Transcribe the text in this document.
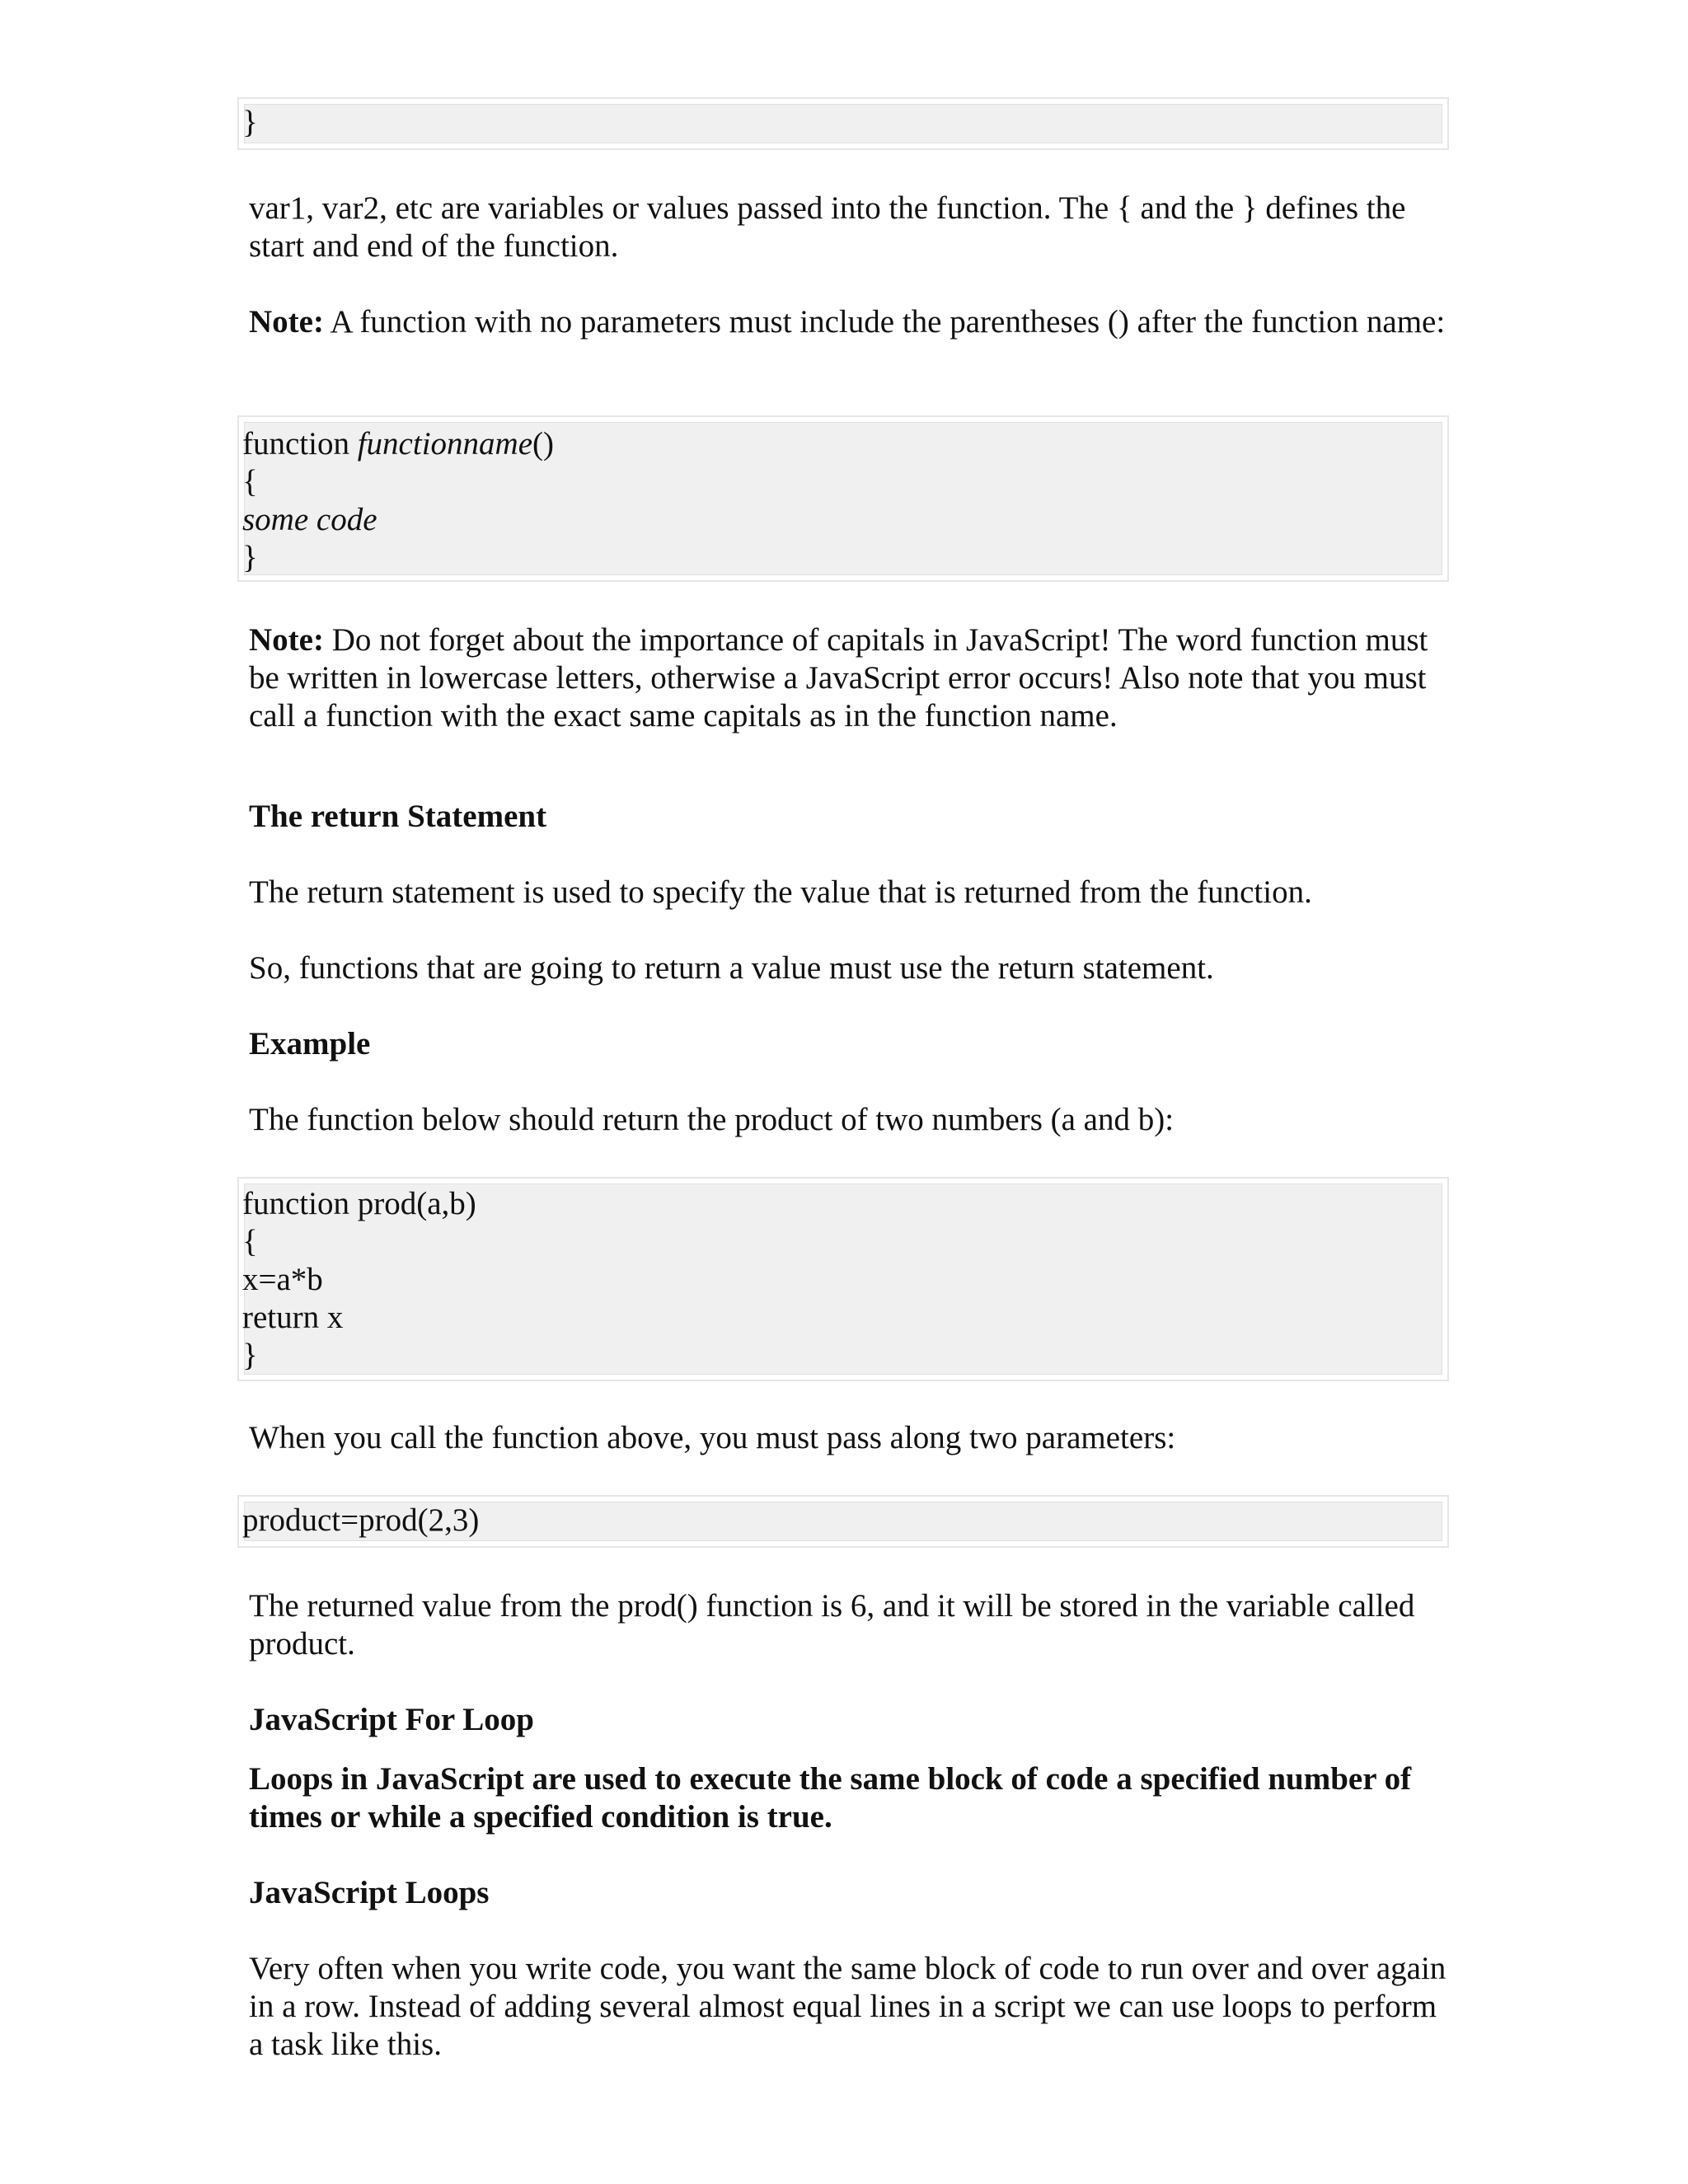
}

var1, var2, etc are variables or values passed into the function. The { and the } defines the start and end of the function.

Note: A function with no parameters must include the parentheses () after the function name:

function functionname()

{

some code

}

Note: Do not forget about the importance of capitals in JavaScript! The word function must be written in lowercase letters, otherwise a JavaScript error occurs! Also note that you must call a function with the exact same capitals as in the function name.

The return Statement

The return statement is used to specify the value that is returned from the function.

So, functions that are going to return a value must use the return statement.

Example

The function below should return the product of two numbers (a and b):

function prod(a,b)

{

x=a*b

return x

}

When you call the function above, you must pass along two parameters:

product=prod(2,3)

The returned value from the prod() function is 6, and it will be stored in the variable called product.

JavaScript For Loop

Loops in JavaScript are used to execute the same block of code a specified number of times or while a specified condition is true.

JavaScript Loops

Very often when you write code, you want the same block of code to run over and over again in a row. Instead of adding several almost equal lines in a script we can use loops to perform a task like this.
